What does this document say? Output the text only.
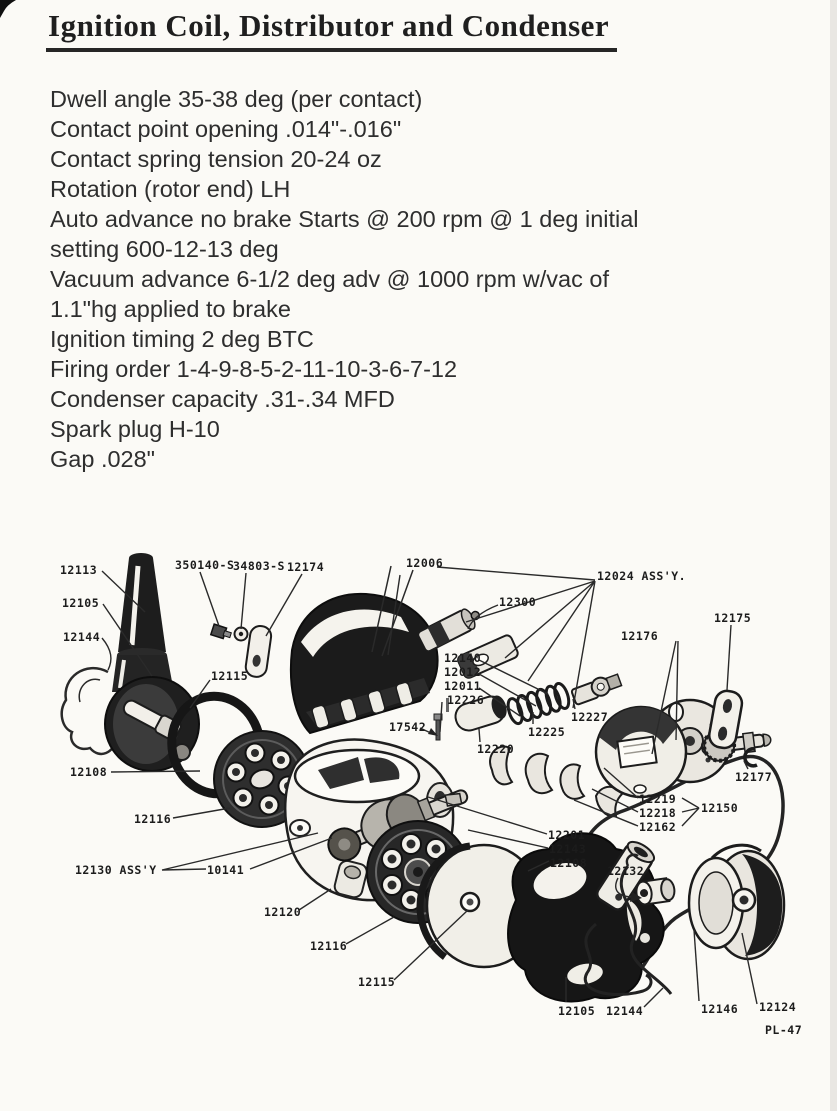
Ignition Coil, Distributor and Condenser
Dwell angle 35-38 deg (per contact)
Contact point opening .014"-.016"
Contact spring tension 20-24 oz
Rotation (rotor end) LH
Auto advance no brake Starts @ 200 rpm @ 1 deg initial
setting 600-12-13 deg
Vacuum advance 6-1/2 deg adv @ 1000 rpm w/vac of
1.1"hg applied to brake
Ignition timing 2 deg BTC
Firing order 1-4-9-8-5-2-11-10-3-6-7-12
Condenser capacity .31-.34 MFD
Spark plug H-10
Gap .028"
12113
12105
12144
350140-S
34803-S 12174
12115
12006
12024 ASS'Y.
12300
12176
12175
12140
12012
12011
12226
17542
12220
12225
12227
12219
12218
12162
12150
12177
12201
12143
12108
12132
12108
12116
12130 ASS'Y	10141
12120
12116
12115
12105 12144	12146 12124
PL-47
